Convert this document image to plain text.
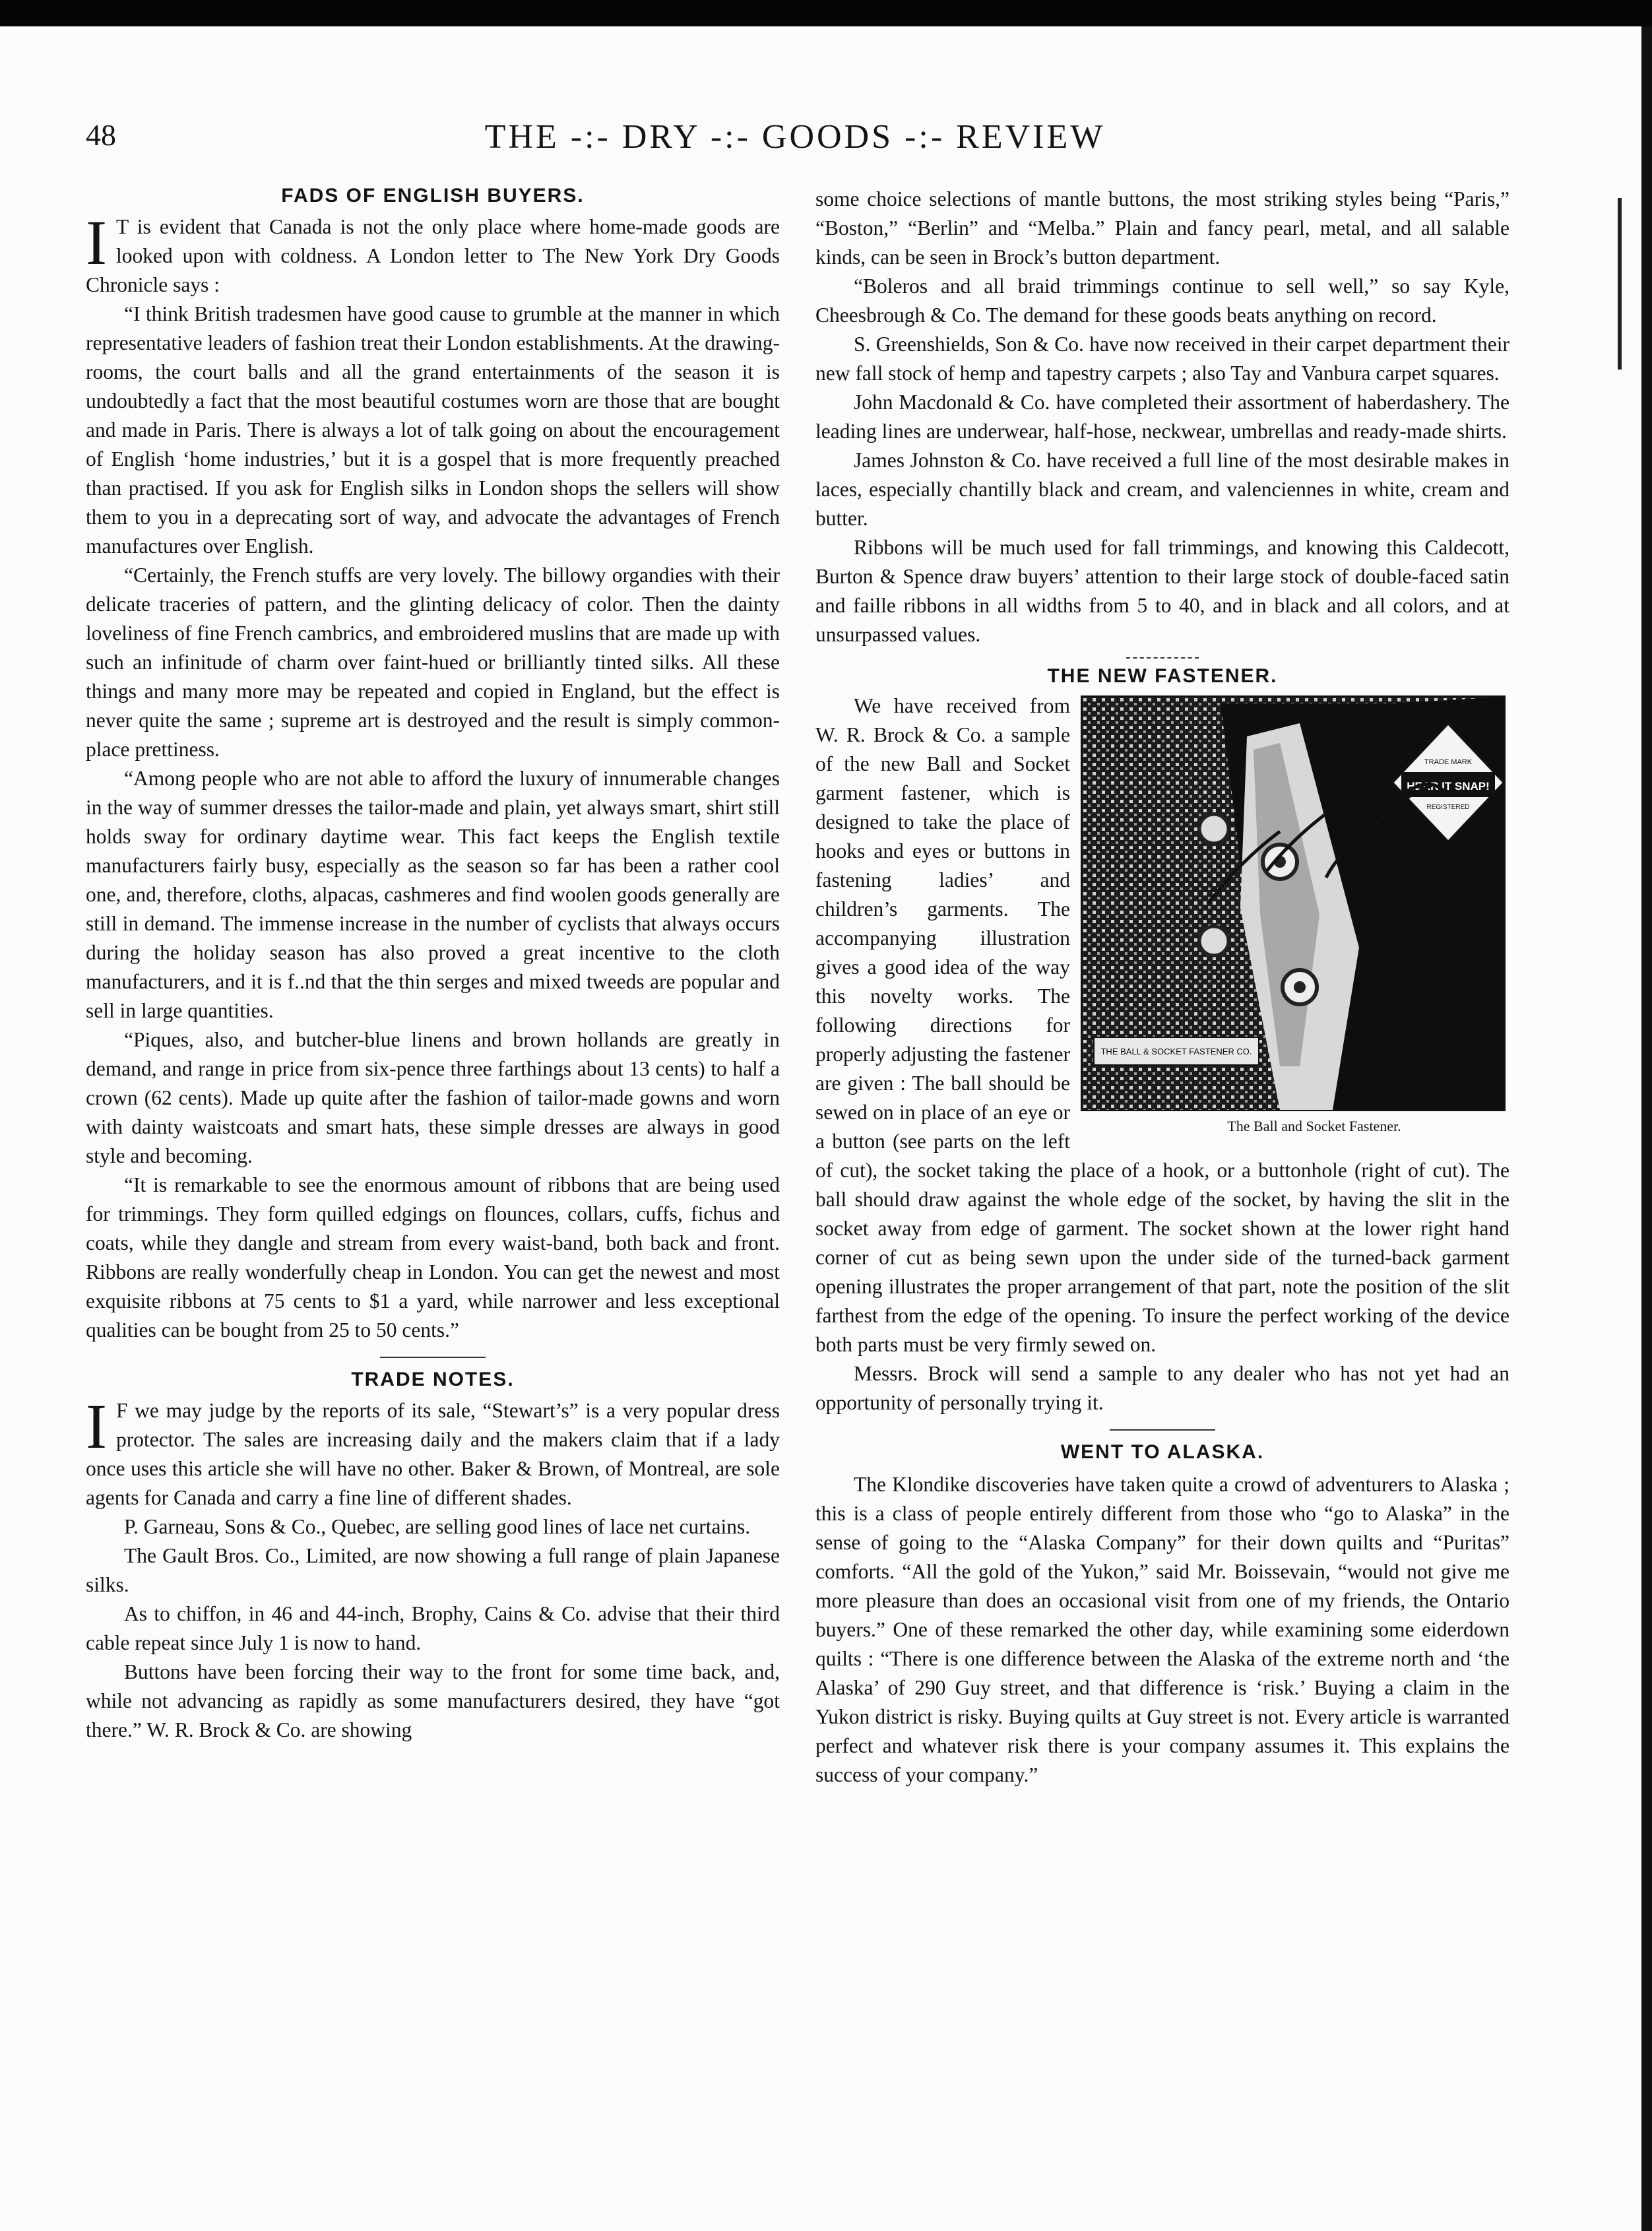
48	THE -:- DRY -:- GOODS -:- REVIEW
FADS OF ENGLISH BUYERS.

IT is evident that Canada is not the only place where home-made goods are looked upon with coldness. A London letter to The New York Dry Goods Chronicle says :

“I think British tradesmen have good cause to grumble at the manner in which representative leaders of fashion treat their London establishments. At the drawing-rooms, the court balls and all the grand entertainments of the season it is undoubtedly a fact that the most beautiful costumes worn are those that are bought and made in Paris. There is always a lot of talk going on about the encouragement of English ‘home industries,’ but it is a gospel that is more frequently preached than practised. If you ask for English silks in London shops the sellers will show them to you in a deprecating sort of way, and advocate the advantages of French manufactures over English.

“Certainly, the French stuffs are very lovely. The billowy organdies with their delicate traceries of pattern, and the glinting delicacy of color. Then the dainty loveliness of fine French cambrics, and embroidered muslins that are made up with such an infinitude of charm over faint-hued or brilliantly tinted silks. All these things and many more may be repeated and copied in England, but the effect is never quite the same ; supreme art is destroyed and the result is simply common-place prettiness.

“Among people who are not able to afford the luxury of innumerable changes in the way of summer dresses the tailor-made and plain, yet always smart, shirt still holds sway for ordinary daytime wear. This fact keeps the English textile manufacturers fairly busy, especially as the season so far has been a rather cool one, and, therefore, cloths, alpacas, cashmeres and find woolen goods generally are still in demand. The immense increase in the number of cyclists that always occurs during the holiday season has also proved a great incentive to the cloth manufacturers, and it is f..nd that the thin serges and mixed tweeds are popular and sell in large quantities.

“Piques, also, and butcher-blue linens and brown hollands are greatly in demand, and range in price from six-pence three farthings about 13 cents) to half a crown (62 cents). Made up quite after the fashion of tailor-made gowns and worn with dainty waistcoats and smart hats, these simple dresses are always in good style and becoming.

“It is remarkable to see the enormous amount of ribbons that are being used for trimmings. They form quilled edgings on flounces, collars, cuffs, fichus and coats, while they dangle and stream from every waist-band, both back and front. Ribbons are really wonderfully cheap in London. You can get the newest and most exquisite ribbons at 75 cents to $1 a yard, while narrower and less exceptional qualities can be bought from 25 to 50 cents.”

TRADE NOTES.

IF we may judge by the reports of its sale, “Stewart’s” is a very popular dress protector. The sales are increasing daily and the makers claim that if a lady once uses this article she will have no other. Baker & Brown, of Montreal, are sole agents for Canada and carry a fine line of different shades.

P. Garneau, Sons & Co., Quebec, are selling good lines of lace net curtains.

The Gault Bros. Co., Limited, are now showing a full range of plain Japanese silks.

As to chiffon, in 46 and 44-inch, Brophy, Cains & Co. advise that their third cable repeat since July 1 is now to hand.

Buttons have been forcing their way to the front for some time back, and, while not advancing as rapidly as some manufacturers desired, they have “got there.” W. R. Brock & Co. are showing

some choice selections of mantle buttons, the most striking styles being “Paris,” “Boston,” “Berlin” and “Melba.” Plain and fancy pearl, metal, and all salable kinds, can be seen in Brock’s button department.

“Boleros and all braid trimmings continue to sell well,” so say Kyle, Cheesbrough & Co. The demand for these goods beats anything on record.

S. Greenshields, Son & Co. have now received in their carpet department their new fall stock of hemp and tapestry carpets ; also Tay and Vanbura carpet squares.

John Macdonald & Co. have completed their assortment of haberdashery. The leading lines are underwear, half-hose, neckwear, umbrellas and ready-made shirts.

James Johnston & Co. have received a full line of the most desirable makes in laces, especially chantilly black and cream, and valenciennes in white, cream and butter.

Ribbons will be much used for fall trimmings, and knowing this Caldecott, Burton & Spence draw buyers’ attention to their large stock of double-faced satin and faille ribbons in all widths from 5 to 40, and in black and all colors, and at unsurpassed values.

THE NEW FASTENER.

TRADE MARK
HEAR IT SNAP!
REGISTERED
THE BALL & SOCKET FASTENER CO.
The Ball and Socket Fastener.
We have received from W. R. Brock & Co. a sample of the new Ball and Socket garment fastener, which is designed to take the place of hooks and eyes or buttons in fastening ladies’ and children’s garments. The accompanying illustration gives a good idea of the way this novelty works. The following directions for properly adjusting the fastener are given : The ball should be sewed on in place of an eye or a button (see parts on the left of cut), the socket taking the place of a hook, or a buttonhole (right of cut). The ball should draw against the whole edge of the socket, by having the slit in the socket away from edge of garment. The socket shown at the lower right hand corner of cut as being sewn upon the under side of the turned-back garment opening illustrates the proper arrangement of that part, note the position of the slit farthest from the edge of the opening. To insure the perfect working of the device both parts must be very firmly sewed on.

Messrs. Brock will send a sample to any dealer who has not yet had an opportunity of personally trying it.

WENT TO ALASKA.

The Klondike discoveries have taken quite a crowd of adventurers to Alaska ; this is a class of people entirely different from those who “go to Alaska” in the sense of going to the “Alaska Company” for their down quilts and “Puritas” comforts. “All the gold of the Yukon,” said Mr. Boissevain, “would not give me more pleasure than does an occasional visit from one of my friends, the Ontario buyers.” One of these remarked the other day, while examining some eiderdown quilts : “There is one difference between the Alaska of the extreme north and ‘the Alaska’ of 290 Guy street, and that difference is ‘risk.’ Buying a claim in the Yukon district is risky. Buying quilts at Guy street is not. Every article is warranted perfect and whatever risk there is your company assumes it. This explains the success of your company.”
